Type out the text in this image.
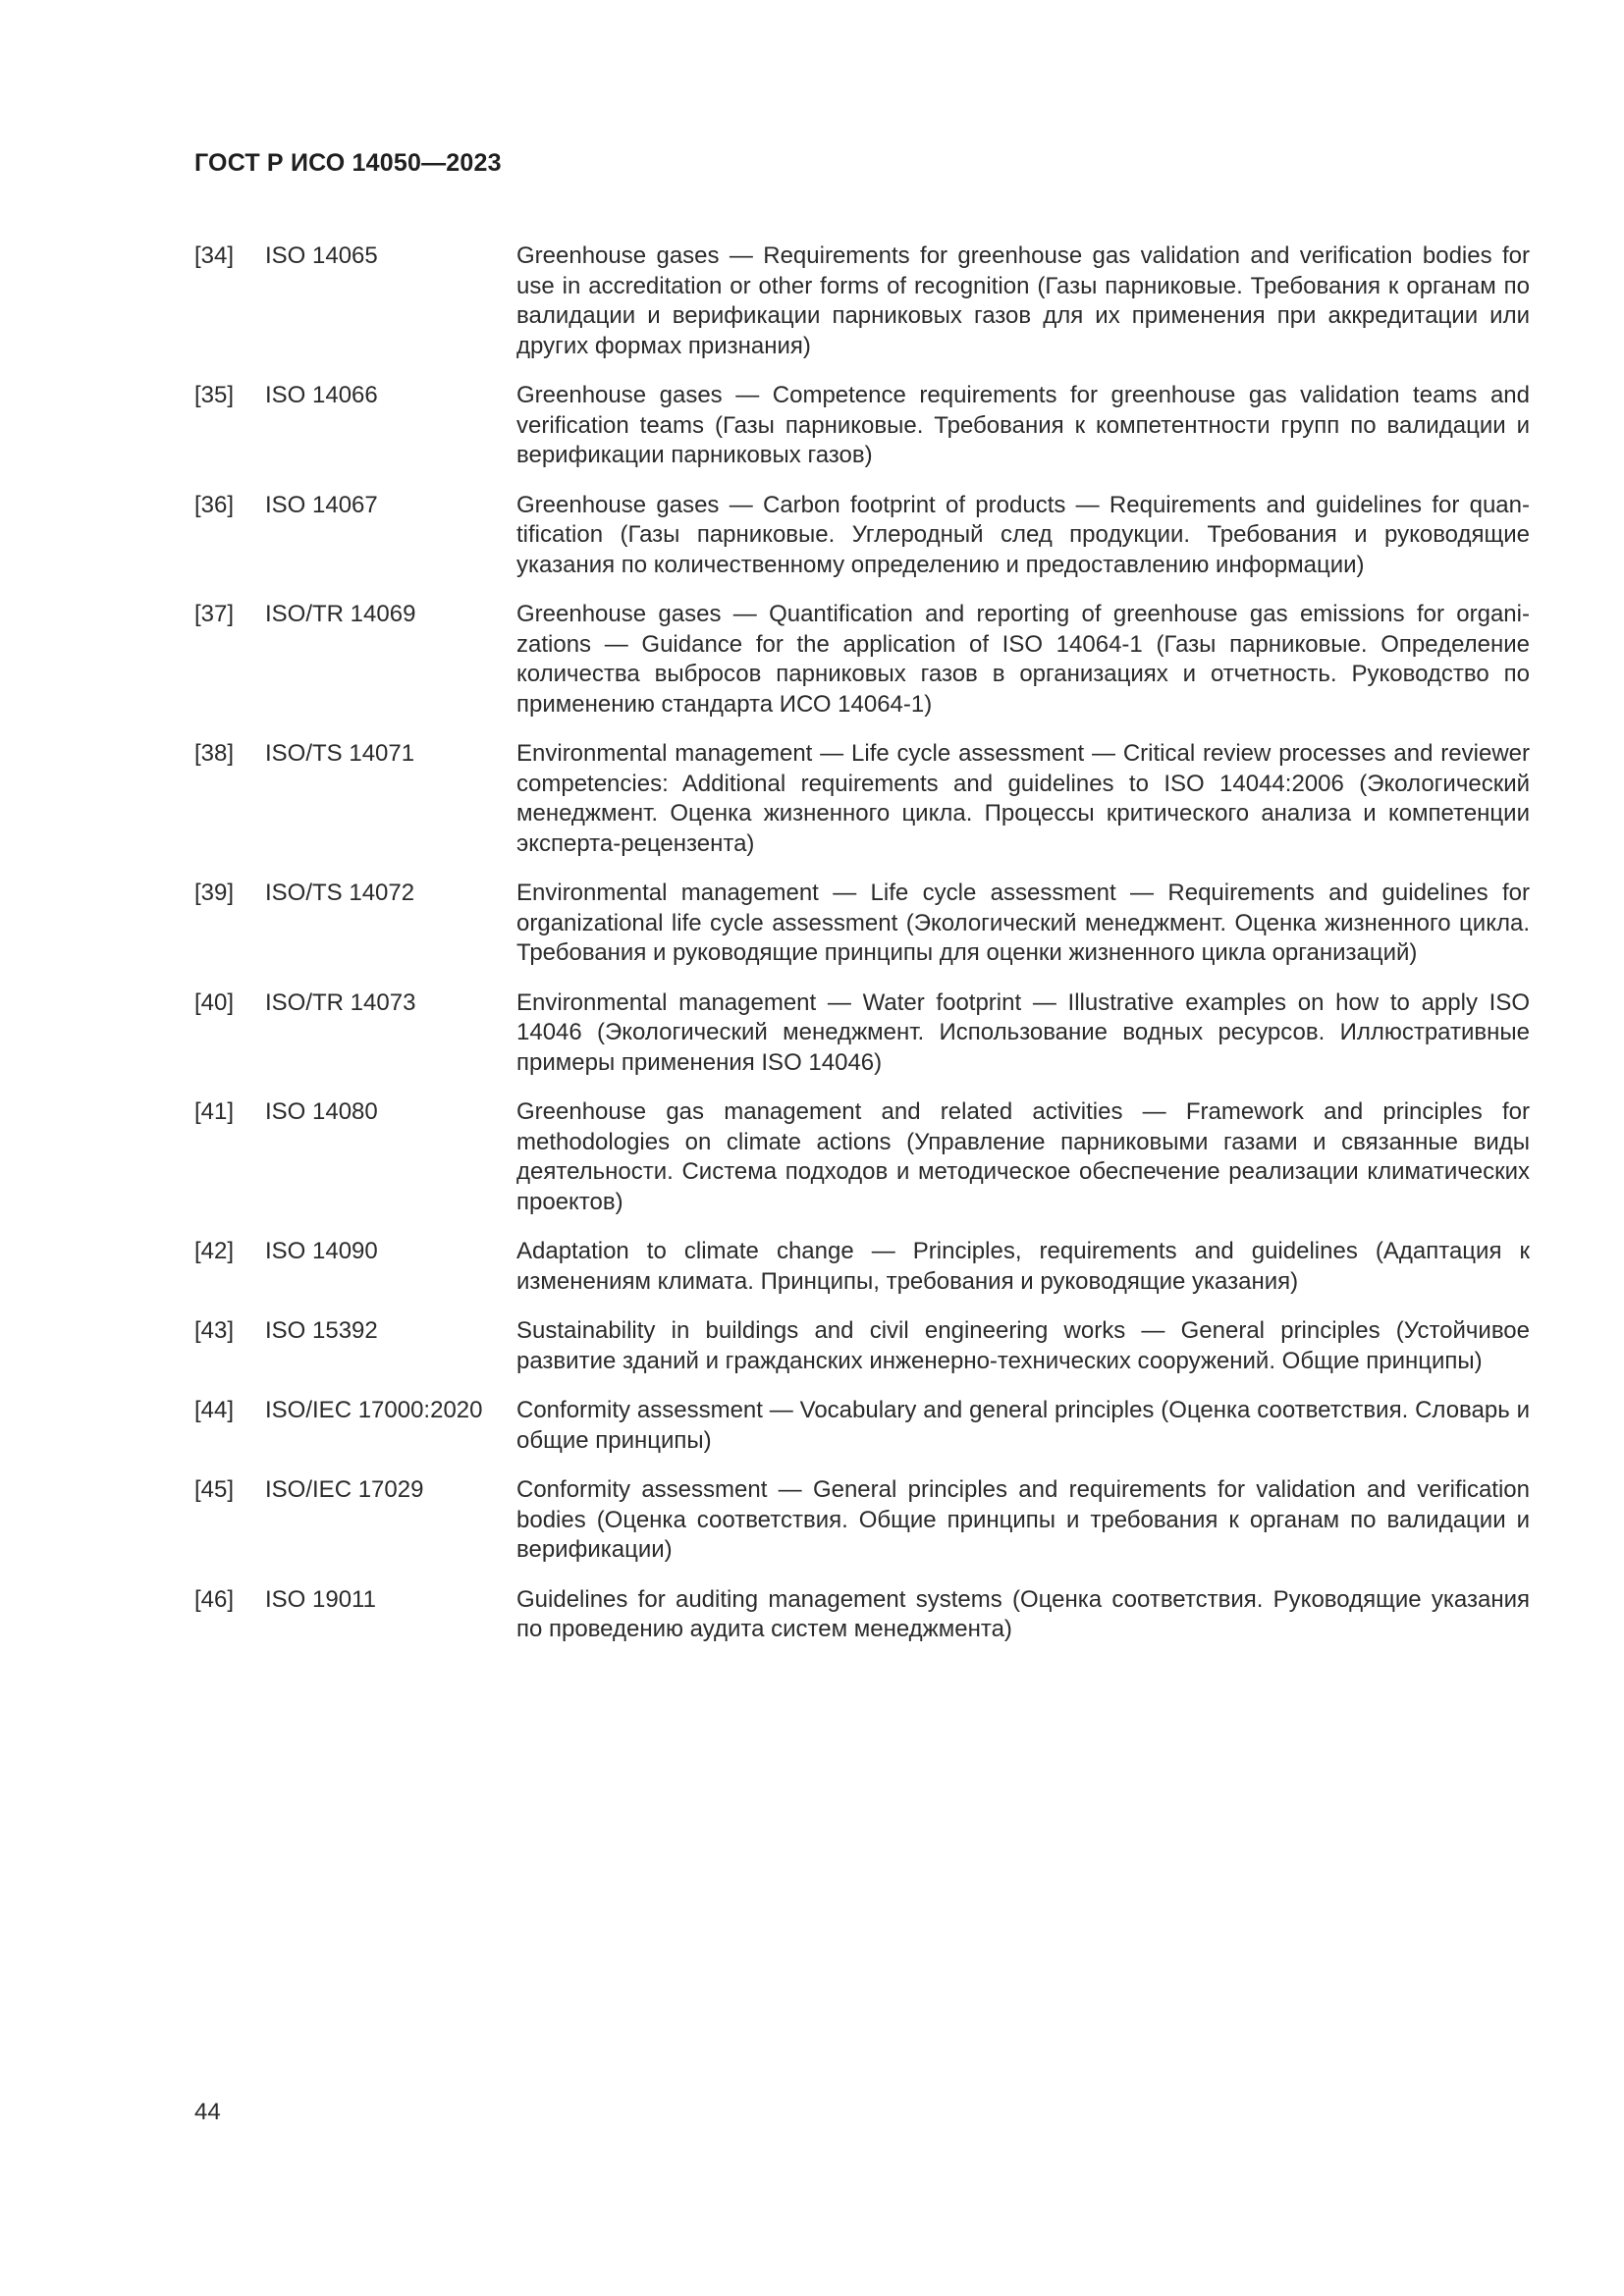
ГОСТ Р ИСО 14050—2023
[34]	ISO 14065	Greenhouse gases — Requirements for greenhouse gas validation and verification bodies for use in accreditation or other forms of recognition (Газы парниковые. Требования к органам по валидации и верификации парниковых газов для их применения при аккредитации или других формах признания)
[35]	ISO 14066	Greenhouse gases — Competence requirements for greenhouse gas validation teams and verification teams (Газы парниковые. Требования к компетентности групп по валидации и верификации парниковых газов)
[36]	ISO 14067	Greenhouse gases — Carbon footprint of products — Requirements and guidelines for quantification (Газы парниковые. Углеродный след продукции. Требования и руководящие указания по количественному определению и предоставлению информации)
[37]	ISO/TR 14069	Greenhouse gases — Quantification and reporting of greenhouse gas emissions for organizations — Guidance for the application of ISO 14064-1 (Газы парниковые. Определение количества выбросов парниковых газов в организациях и отчетность. Руководство по применению стандарта ИСО 14064-1)
[38]	ISO/TS 14071	Environmental management — Life cycle assessment — Critical review processes and reviewer competencies: Additional requirements and guidelines to ISO 14044:2006 (Экологический менеджмент. Оценка жизненного цикла. Процессы критического анализа и компетенции эксперта-рецензента)
[39]	ISO/TS 14072	Environmental management — Life cycle assessment — Requirements and guidelines for organizational life cycle assessment (Экологический менеджмент. Оценка жизненного цикла. Требования и руководящие принципы для оценки жизненного цикла организаций)
[40]	ISO/TR 14073	Environmental management — Water footprint — Illustrative examples on how to apply ISO 14046 (Экологический менеджмент. Использование водных ресурсов. Иллюстративные примеры применения ISO 14046)
[41]	ISO 14080	Greenhouse gas management and related activities — Framework and principles for methodologies on climate actions (Управление парниковыми газами и связанные виды деятельности. Система подходов и методическое обеспечение реализации климатических проектов)
[42]	ISO 14090	Adaptation to climate change — Principles, requirements and guidelines (Адаптация к изменениям климата. Принципы, требования и руководящие указания)
[43]	ISO 15392	Sustainability in buildings and civil engineering works — General principles (Устойчивое развитие зданий и гражданских инженерно-технических сооружений. Общие принципы)
[44]	ISO/IEC 17000:2020	Conformity assessment — Vocabulary and general principles (Оценка соответствия. Словарь и общие принципы)
[45]	ISO/IEC 17029	Conformity assessment — General principles and requirements for validation and verification bodies (Оценка соответствия. Общие принципы и требования к органам по валидации и верификации)
[46]	ISO 19011	Guidelines for auditing management systems (Оценка соответствия. Руководящие указания по проведению аудита систем менеджмента)
44
